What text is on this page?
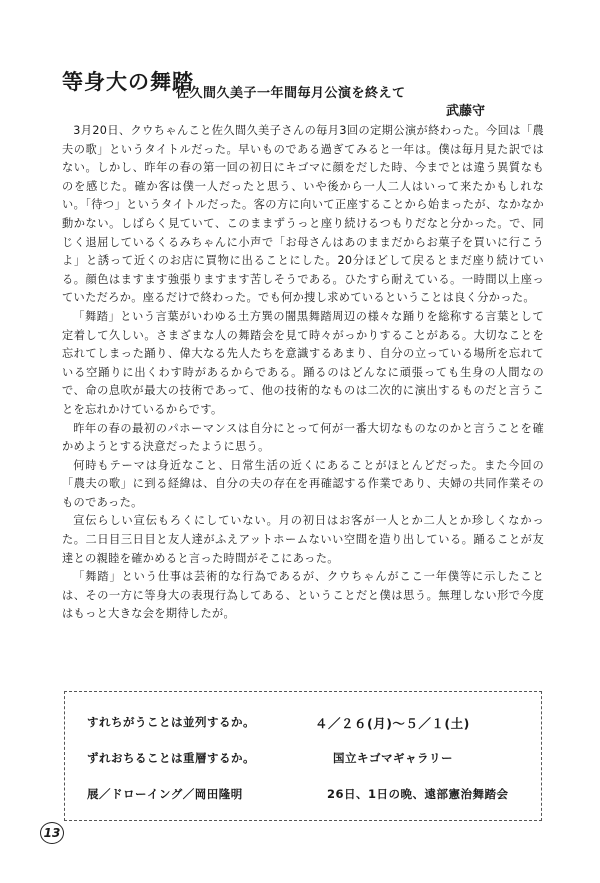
等身大の舞踏
佐久間久美子一年間毎月公演を終えて
武藤守

3月20日、クウちゃんこと佐久間久美子さんの毎月3回の定期公演が終わった。今回は「農夫の歌」というタイトルだった。早いものである過ぎてみると一年は。僕は毎月見た訳ではない。しかし、昨年の春の第一回の初日にキゴマに顔をだした時、今までとは違う異質なものを感じた。確か客は僕一人だったと思う、いや後から一人二人はいって来たかもしれない。「待つ」というタイトルだった。客の方に向いて正座することから始まったが、なかなか動かない。しばらく見ていて、このままずうっと座り続けるつもりだなと分かった。で、同じく退屈しているくるみちゃんに小声で「お母さんはあのままだからお菓子を買いに行こうよ」と誘って近くのお店に買物に出ることにした。20分ほどして戻るとまだ座り続けている。顔色はますます強張りますます苦しそうである。ひたすら耐えている。一時間以上座っていただろか。座るだけで終わった。でも何か捜し求めているということは良く分かった。

「舞踏」という言葉がいわゆる土方巽の闇黒舞踏周辺の様々な踊りを総称する言葉として定着して久しい。さまざまな人の舞踏会を見て時々がっかりすることがある。大切なことを忘れてしまった踊り、偉大なる先人たちを意識するあまり、自分の立っている場所を忘れている空踊りに出くわす時があるからである。踊るのはどんなに頑張っても生身の人間なので、命の息吹が最大の技術であって、他の技術的なものは二次的に演出するものだと言うことを忘れかけているからです。

昨年の春の最初のパホーマンスは自分にとって何が一番大切なものなのかと言うことを確かめようとする決意だったように思う。

何時もテーマは身近なこと、日常生活の近くにあることがほとんどだった。また今回の「農夫の歌」に到る経緯は、自分の夫の存在を再確認する作業であり、夫婦の共同作業そのものであった。

宣伝らしい宣伝もろくにしていない。月の初日はお客が一人とか二人とか珍しくなかった。二日目三日目と友人達がふえアットホームないい空間を造り出している。踊ることが友達との親睦を確かめると言った時間がそこにあった。

「舞踏」という仕事は芸術的な行為であるが、クウちゃんがここ一年僕等に示したことは、その一方に等身大の表現行為してある、ということだと僕は思う。無理しない形で今度はもっと大きな会を期待したが。

すれちがうことは並列するか。
ずれおちることは重層するか。
展／ドローイング／岡田隆明
４／２６(月)～５／１(土)
国立キゴマギャラリー
26日、1日の晩、遠部憲治舞踏会
13
